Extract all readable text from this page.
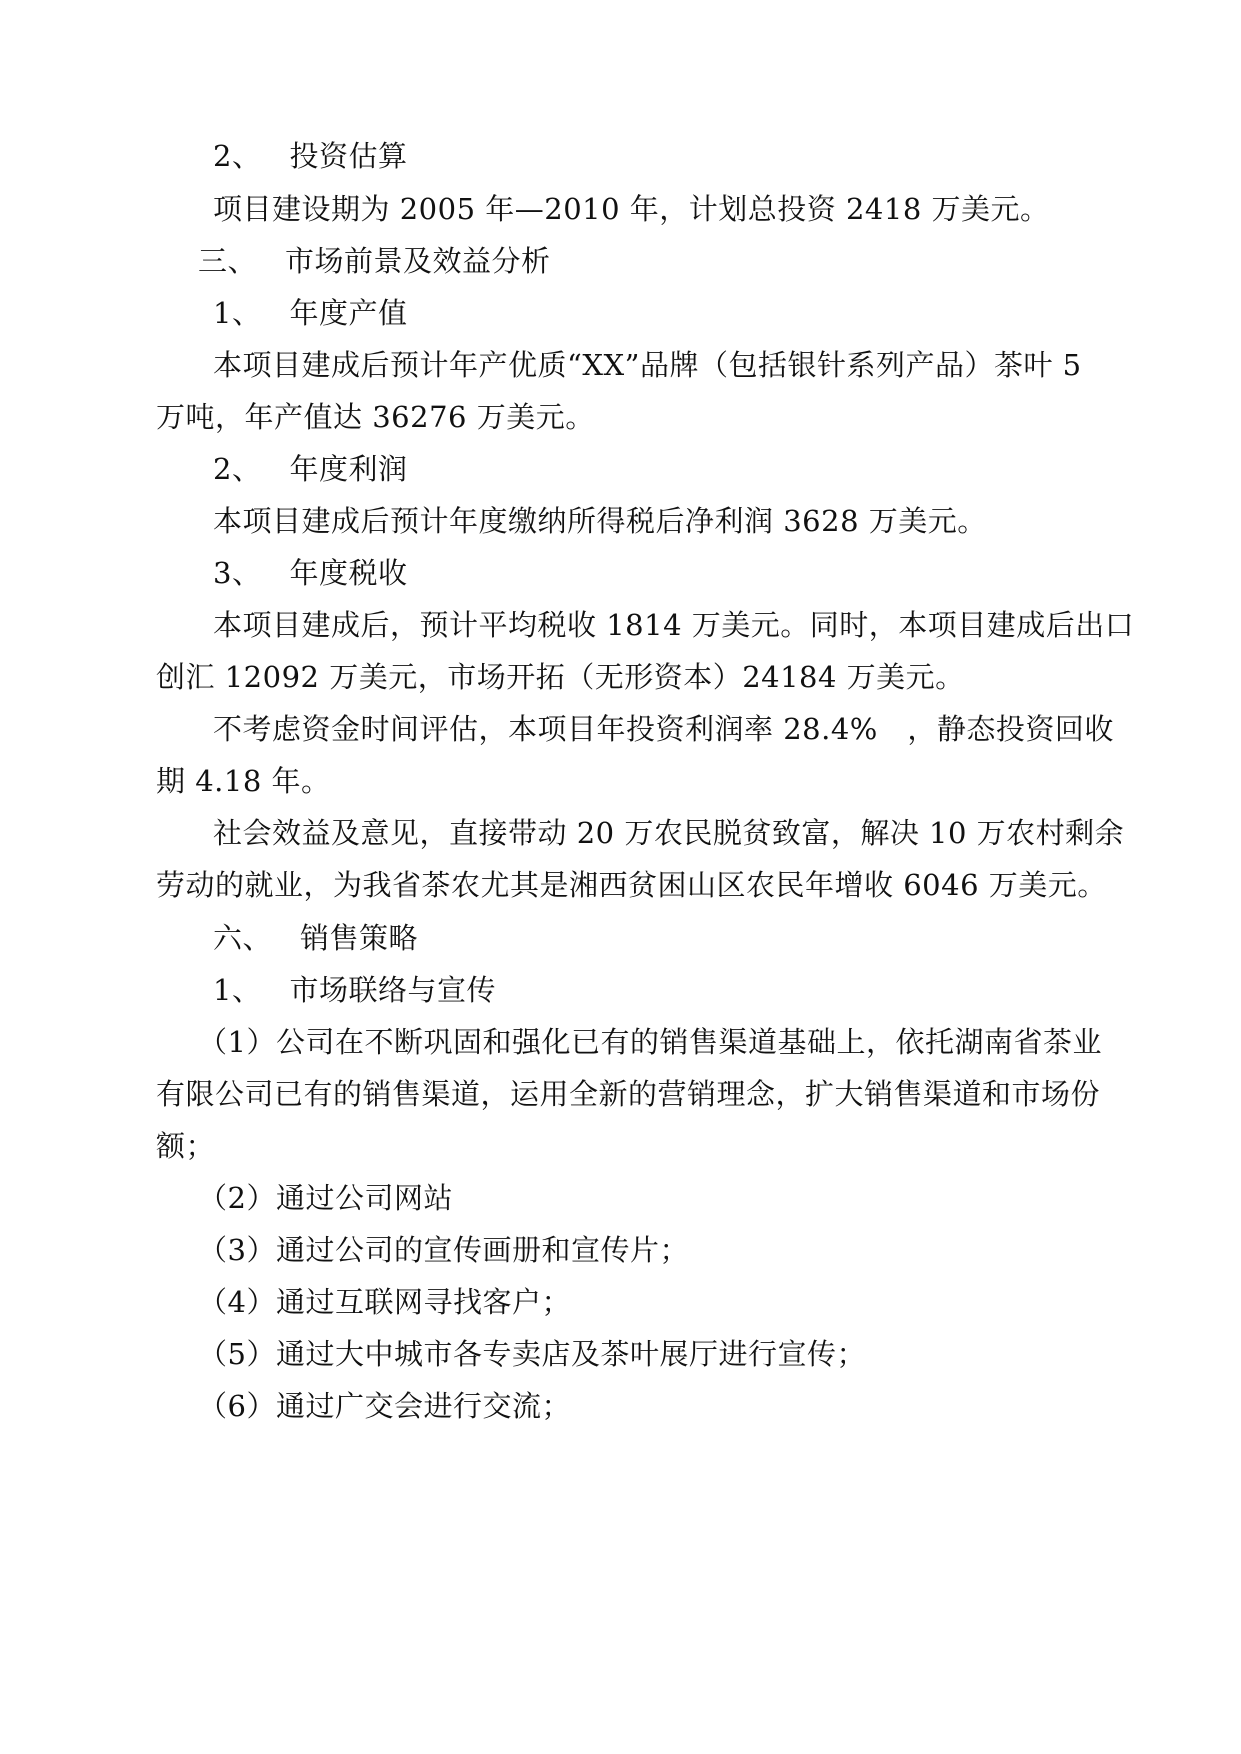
2、 投资估算
项目建设期为 2005 年—2010 年，计划总投资 2418 万美元。
三、 市场前景及效益分析
1、 年度产值
本项目建成后预计年产优质“XX”品牌（包括银针系列产品）茶叶 5
万吨，年产值达 36276 万美元。
2、 年度利润
本项目建成后预计年度缴纳所得税后净利润 3628 万美元。
3、 年度税收
本项目建成后，预计平均税收 1814 万美元。同时，本项目建成后出口
创汇 12092 万美元，市场开拓（无形资本）24184 万美元。
不考虑资金时间评估，本项目年投资利润率 28.4%　，静态投资回收
期 4.18 年。
社会效益及意见，直接带动 20 万农民脱贫致富，解决 10 万农村剩余
劳动的就业，为我省茶农尤其是湘西贫困山区农民年增收 6046 万美元。
六、 销售策略
1、 市场联络与宣传
（1）公司在不断巩固和强化已有的销售渠道基础上，依托湖南省茶业
有限公司已有的销售渠道，运用全新的营销理念，扩大销售渠道和市场份
额；
（2）通过公司网站
（3）通过公司的宣传画册和宣传片；
（4）通过互联网寻找客户；
（5）通过大中城市各专卖店及茶叶展厅进行宣传；
（6）通过广交会进行交流；
